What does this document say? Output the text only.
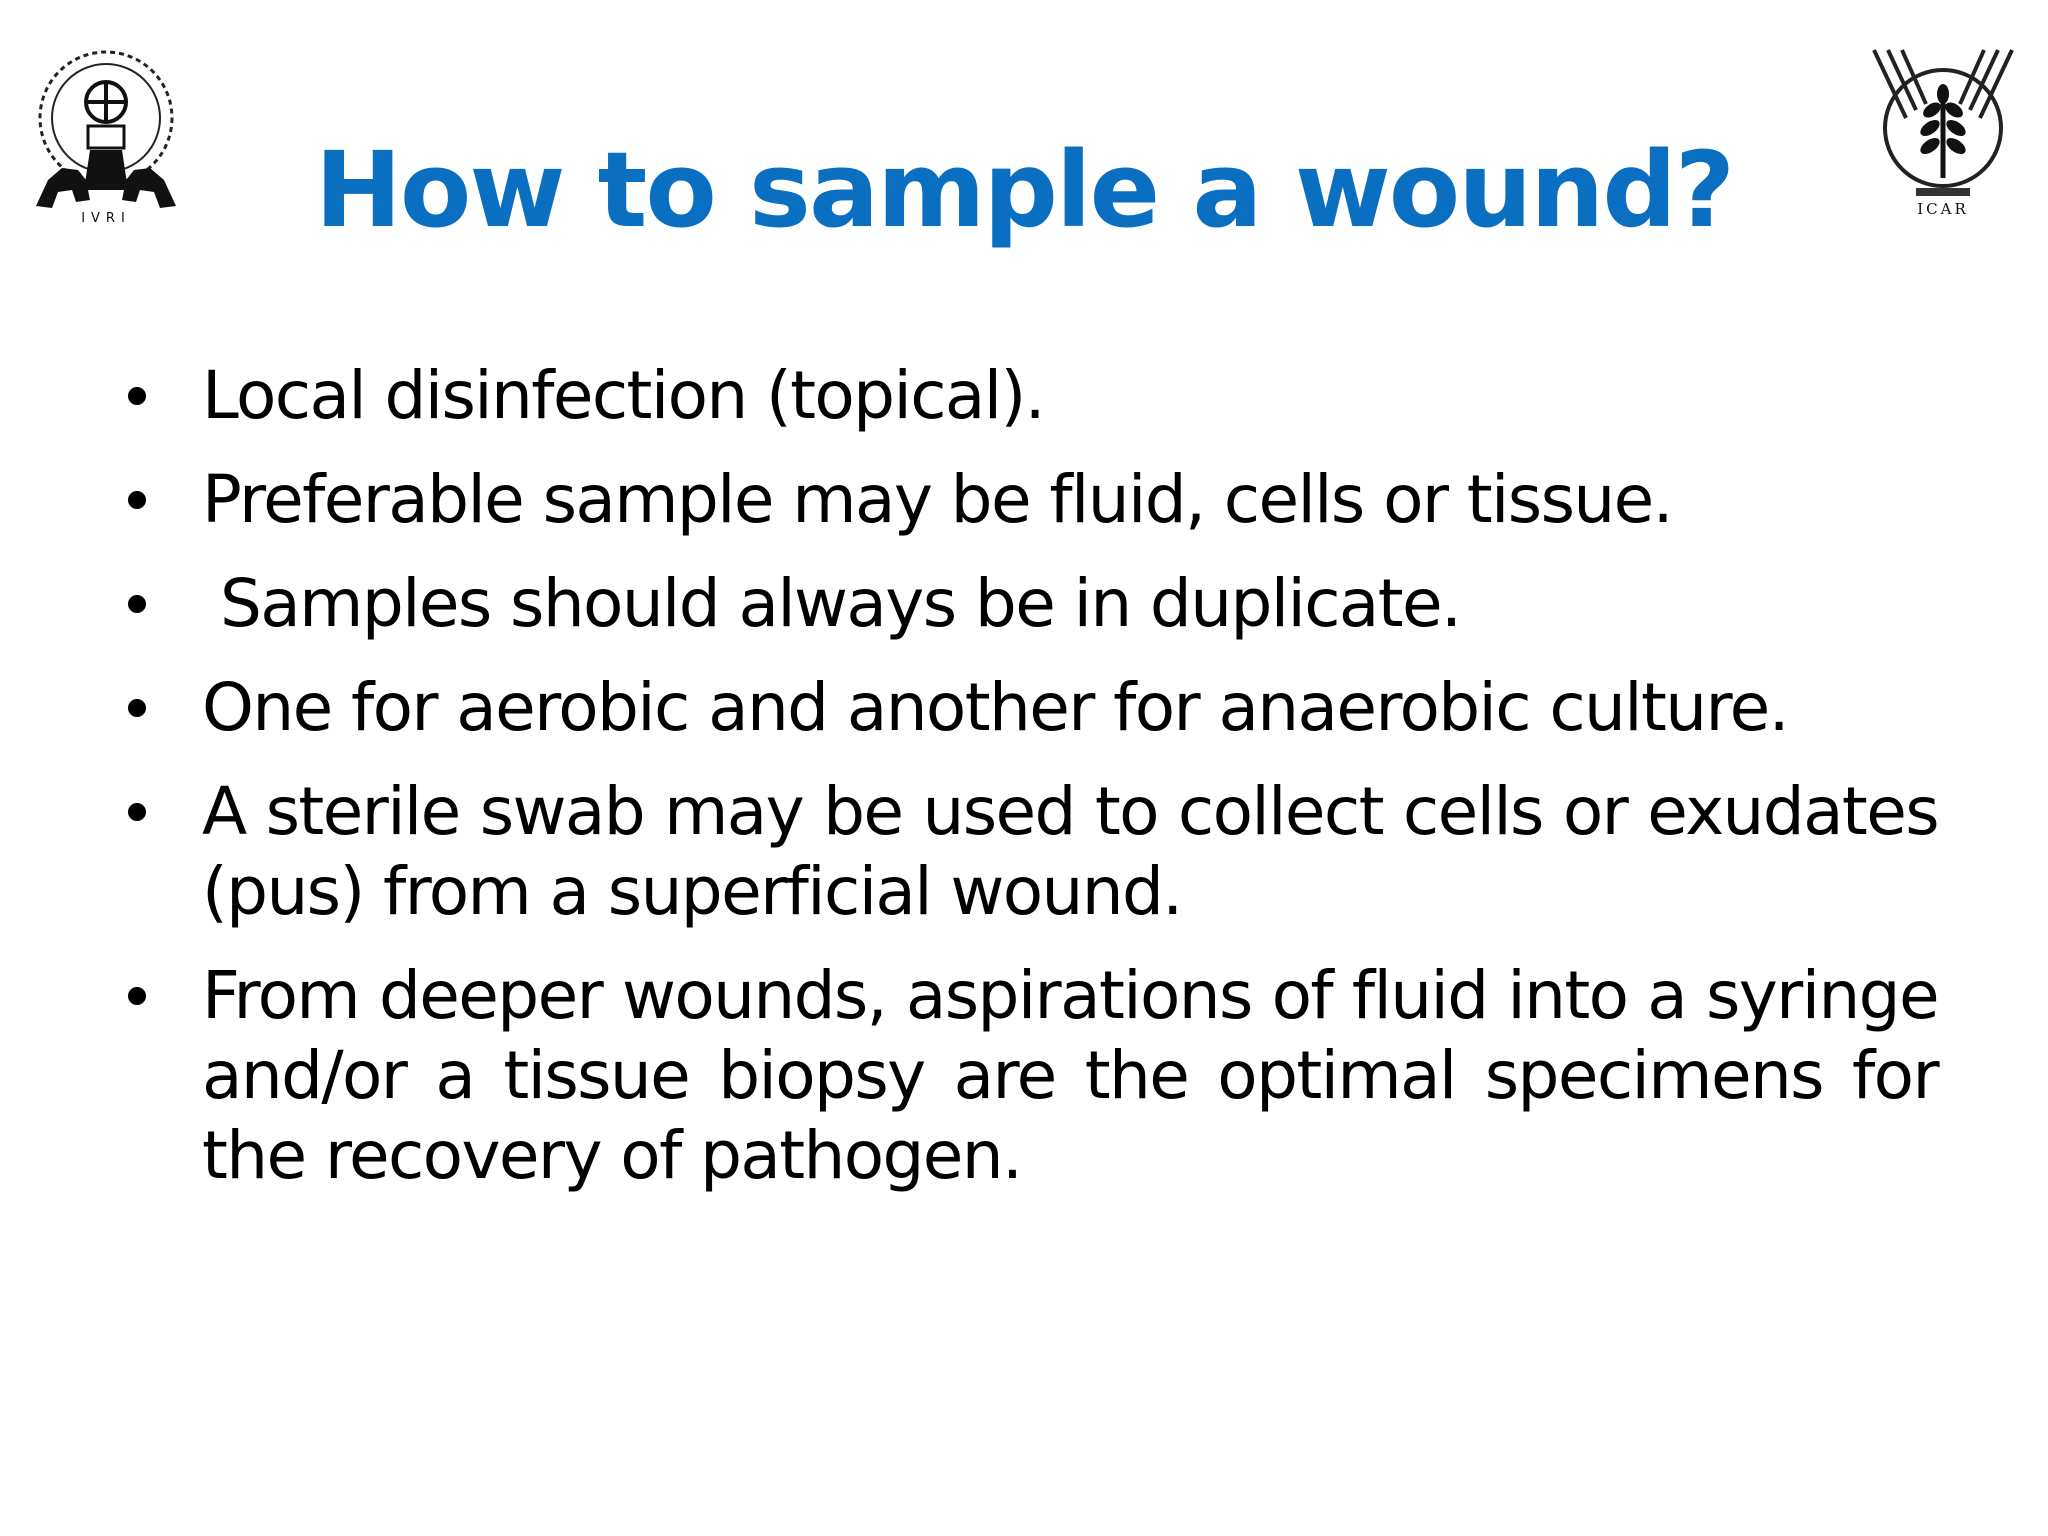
IVRI
ICAR
How to sample a wound?
Local disinfection (topical).
Preferable sample may be fluid, cells or tissue.
Samples should always be in duplicate.
One for aerobic and another for anaerobic culture.
A sterile swab may be used to collect cells or exudates (pus) from a superficial wound.
From deeper wounds, aspirations of fluid into a syringe and/or a tissue biopsy are the optimal specimens for the recovery of pathogen.
